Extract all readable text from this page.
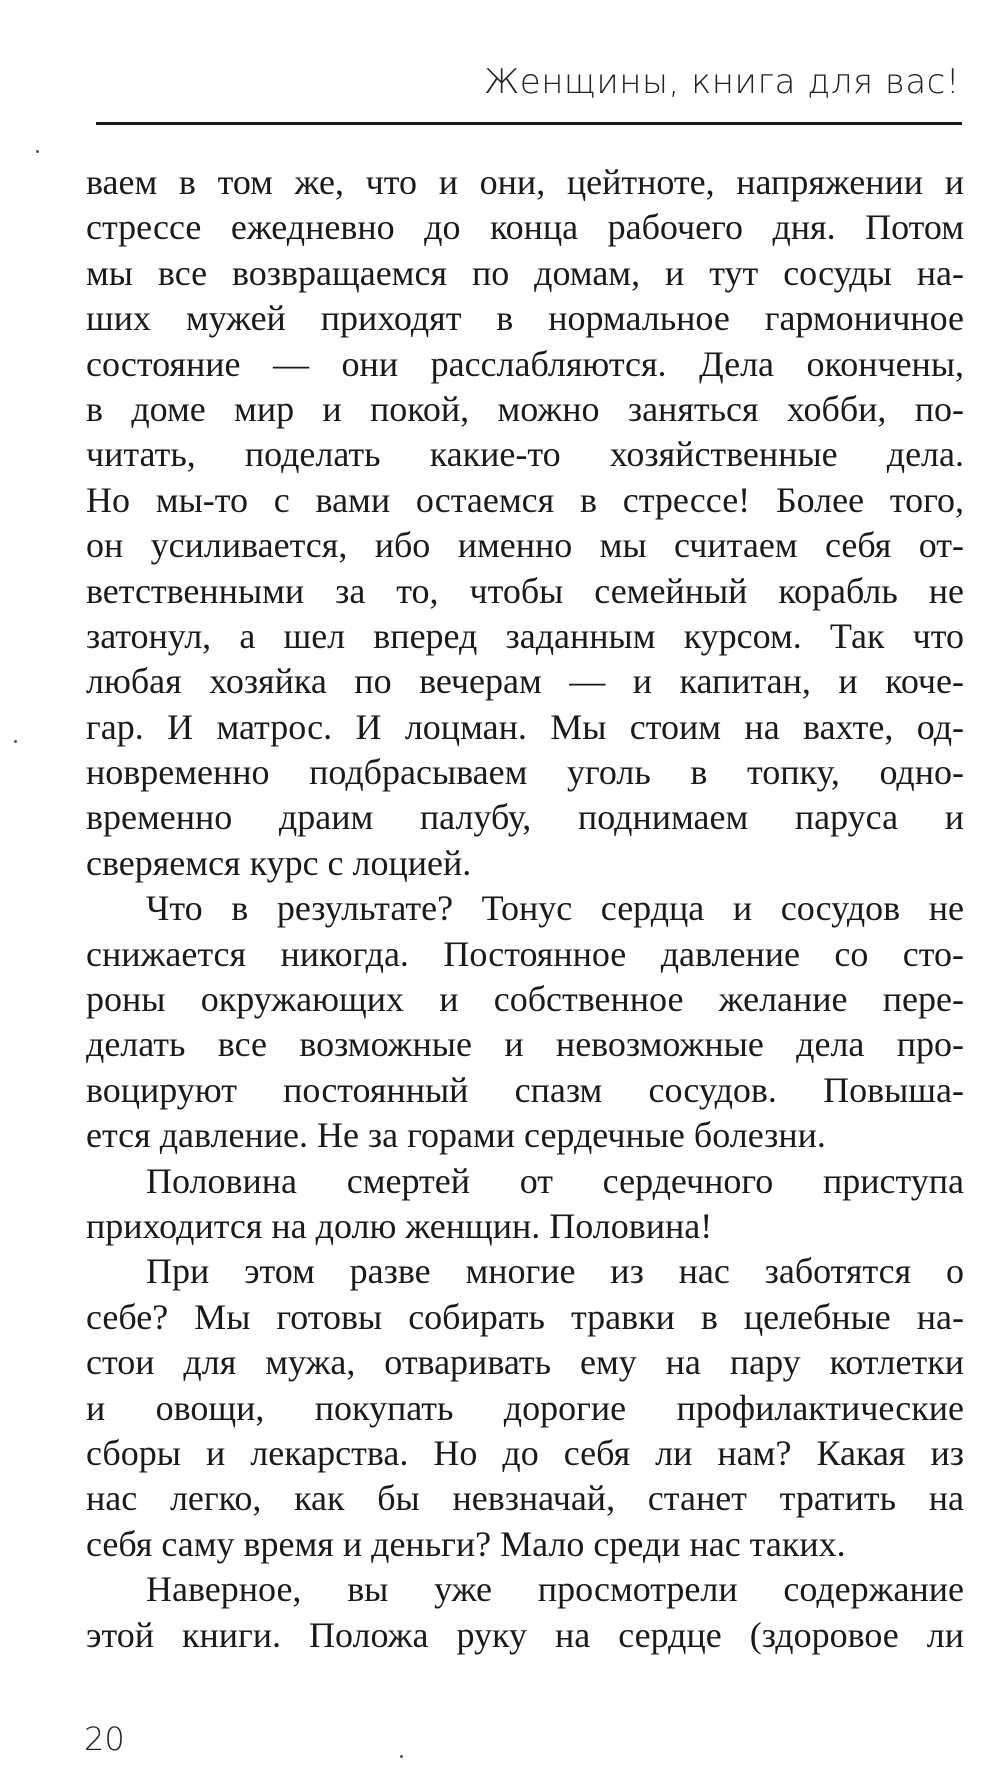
Женщины, книга для вас!
ваем в том же, что и они, цейтноте, напряжении и
стрессе ежедневно до конца рабочего дня. Потом
мы все возвращаемся по домам, и тут сосуды на-
ших мужей приходят в нормальное гармоничное
состояние — они расслабляются. Дела окончены,
в доме мир и покой, можно заняться хобби, по-
читать, поделать какие-то хозяйственные дела.
Но мы-то с вами остаемся в стрессе! Более того,
он усиливается, ибо именно мы считаем себя от-
ветственными за то, чтобы семейный корабль не
затонул, а шел вперед заданным курсом. Так что
любая хозяйка по вечерам — и капитан, и коче-
гар. И матрос. И лоцман. Мы стоим на вахте, од-
новременно подбрасываем уголь в топку, одно-
временно драим палубу, поднимаем паруса и
сверяемся курс с лоцией.
Что в результате? Тонус сердца и сосудов не
снижается никогда. Постоянное давление со сто-
роны окружающих и собственное желание пере-
делать все возможные и невозможные дела про-
воцируют постоянный спазм сосудов. Повыша-
ется давление. Не за горами сердечные болезни.
Половина смертей от сердечного приступа
приходится на долю женщин. Половина!
При этом разве многие из нас заботятся о
себе? Мы готовы собирать травки в целебные на-
стои для мужа, отваривать ему на пару котлетки
и овощи, покупать дорогие профилактические
сборы и лекарства. Но до себя ли нам? Какая из
нас легко, как бы невзначай, станет тратить на
себя саму время и деньги? Мало среди нас таких.
Наверное, вы уже просмотрели содержание
этой книги. Положа руку на сердце (здоровое ли
20
